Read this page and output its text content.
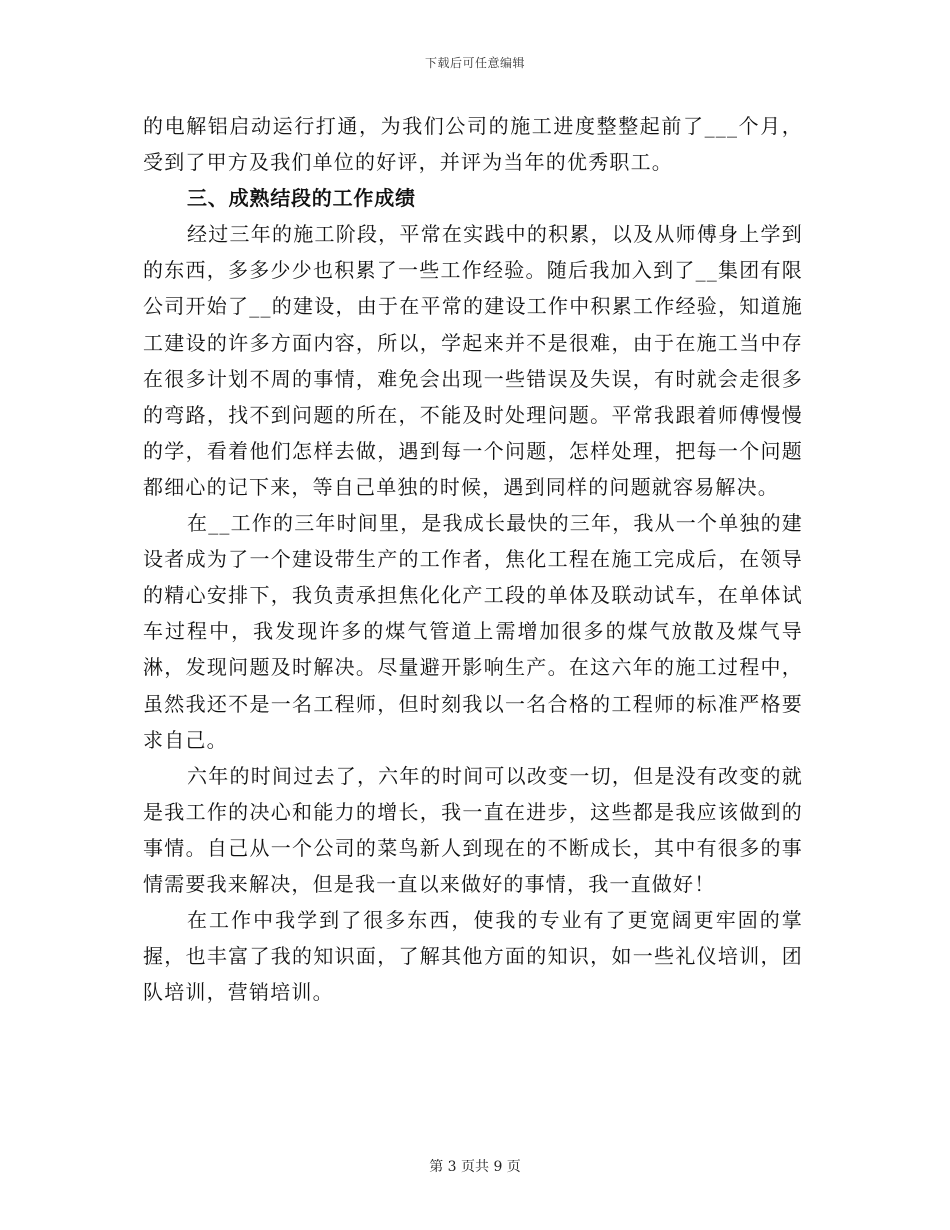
下载后可任意编辑

的电解铝启动运行打通，为我们公司的施工进度整整起前了___个月，受到了甲方及我们单位的好评，并评为当年的优秀职工。

三、成熟结段的工作成绩

经过三年的施工阶段，平常在实践中的积累，以及从师傅身上学到的东西，多多少少也积累了一些工作经验。随后我加入到了__集团有限公司开始了__的建设，由于在平常的建设工作中积累工作经验，知道施工建设的许多方面内容，所以，学起来并不是很难，由于在施工当中存在很多计划不周的事情，难免会出现一些错误及失误，有时就会走很多的弯路，找不到问题的所在，不能及时处理问题。平常我跟着师傅慢慢的学，看着他们怎样去做，遇到每一个问题，怎样处理，把每一个问题都细心的记下来，等自己单独的时候，遇到同样的问题就容易解决。

在__工作的三年时间里，是我成长最快的三年，我从一个单独的建设者成为了一个建设带生产的工作者，焦化工程在施工完成后，在领导的精心安排下，我负责承担焦化化产工段的单体及联动试车，在单体试车过程中，我发现许多的煤气管道上需增加很多的煤气放散及煤气导淋，发现问题及时解决。尽量避开影响生产。在这六年的施工过程中，虽然我还不是一名工程师，但时刻我以一名合格的工程师的标准严格要求自己。

六年的时间过去了，六年的时间可以改变一切，但是没有改变的就是我工作的决心和能力的增长，我一直在进步，这些都是我应该做到的事情。自己从一个公司的菜鸟新人到现在的不断成长，其中有很多的事情需要我来解决，但是我一直以来做好的事情，我一直做好！

在工作中我学到了很多东西，使我的专业有了更宽阔更牢固的掌握，也丰富了我的知识面，了解其他方面的知识，如一些礼仪培训，团队培训，营销培训。

第 3 页共 9 页
